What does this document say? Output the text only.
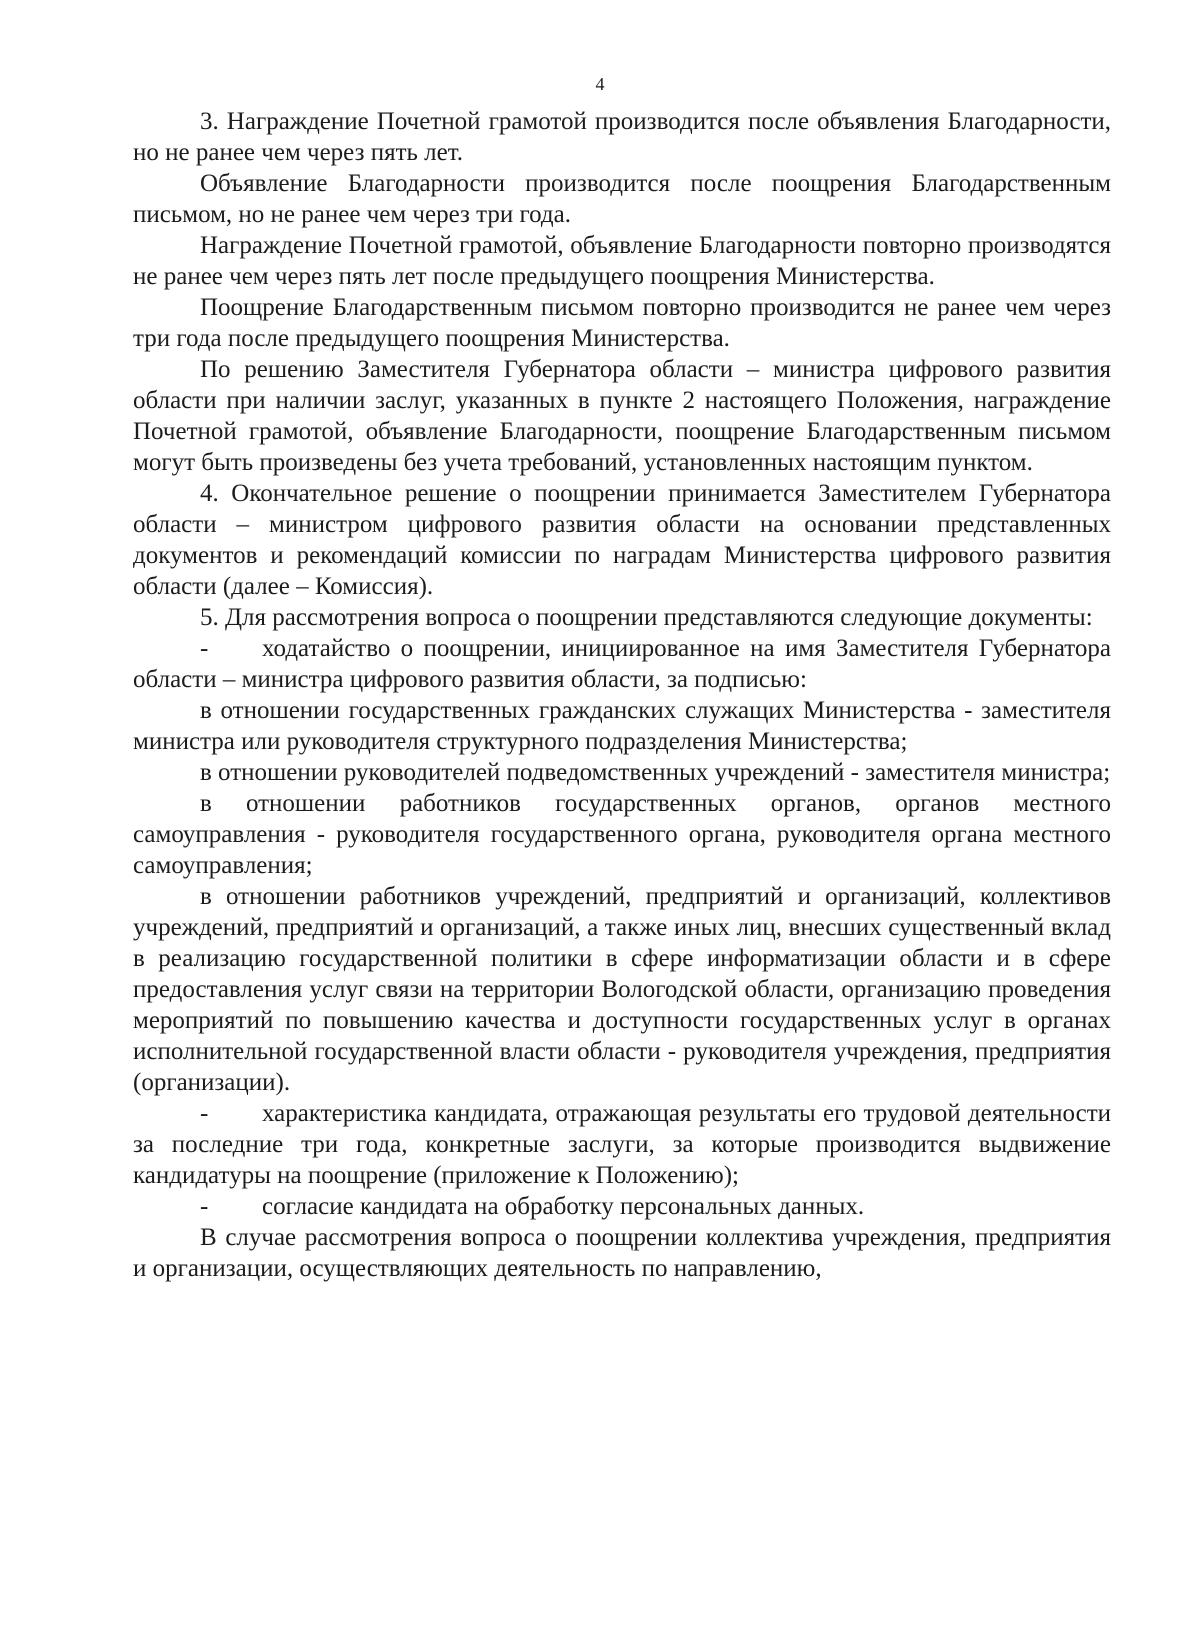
4

3. Награждение Почетной грамотой производится после объявления Благодарности, но не ранее чем через пять лет.

Объявление Благодарности производится после поощрения Благодарственным письмом, но не ранее чем через три года.

Награждение Почетной грамотой, объявление Благодарности повторно производятся не ранее чем через пять лет после предыдущего поощрения Министерства.

Поощрение Благодарственным письмом повторно производится не ранее чем через три года после предыдущего поощрения Министерства.

По решению Заместителя Губернатора области – министра цифрового развития области при наличии заслуг, указанных в пункте 2 настоящего Положения, награждение Почетной грамотой, объявление Благодарности, поощрение Благодарственным письмом могут быть произведены без учета требований, установленных настоящим пунктом.

4. Окончательное решение о поощрении принимается Заместителем Губернатора области – министром цифрового развития области на основании представленных документов и рекомендаций комиссии по наградам Министерства цифрового развития области (далее – Комиссия).

5. Для рассмотрения вопроса о поощрении представляются следующие документы:

- ходатайство о поощрении, инициированное на имя Заместителя Губернатора области – министра цифрового развития области, за подписью:

в отношении государственных гражданских служащих Министерства - заместителя министра или руководителя структурного подразделения Министерства;

в отношении руководителей подведомственных учреждений - заместителя министра;

в отношении работников государственных органов, органов местного самоуправления - руководителя государственного органа, руководителя органа местного самоуправления;

в отношении работников учреждений, предприятий и организаций, коллективов учреждений, предприятий и организаций, а также иных лиц, внесших существенный вклад в реализацию государственной политики в сфере информатизации области и в сфере предоставления услуг связи на территории Вологодской области, организацию проведения мероприятий по повышению качества и доступности государственных услуг в органах исполнительной государственной власти области - руководителя учреждения, предприятия (организации).

- характеристика кандидата, отражающая результаты его трудовой деятельности за последние три года, конкретные заслуги, за которые производится выдвижение кандидатуры на поощрение (приложение к Положению);

- согласие кандидата на обработку персональных данных.

В случае рассмотрения вопроса о поощрении коллектива учреждения, предприятия и организации, осуществляющих деятельность по направлению,
